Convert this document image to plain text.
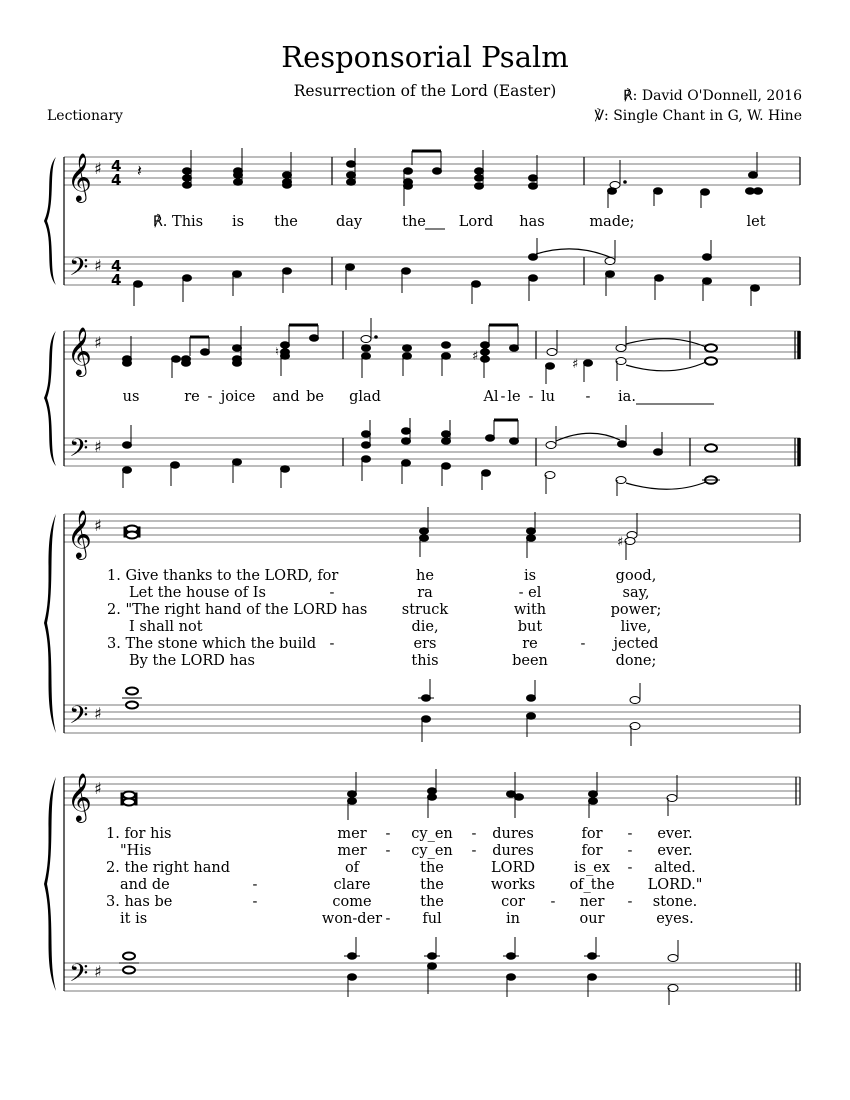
Responsorial Psalm
Resurrection of the Lord (Easter)	℟: David O'Donnell, 2016
℣: Single Chant in G, W. Hine
Lectionary
𝄞
𝄢
♯
♯
4
4
4
4
𝄽
𝄞
𝄢
♯
♯
𝄞
𝄢
♯
♯
𝄞
𝄢
♯
♯
♮	♯
♯
♯
℟. This is the	day	the Lord has	made;	let
us	re - joice and be glad	Al - le - lu - ia.
1. Give thanks to the LORD, for	he	is	good,
Let the house of Is	-	ra	- el	say,
2. "The right hand of the LORD has struck	with	power;
I shall not	die,	but	live,
3. The stone which the build -	ers	re	- jected
By the LORD has	this	been	done;
1. for his	mer - cy_en - dures	for - ever.
"His	mer - cy_en - dures	for - ever.
2. the right hand	of	the	LORD	is_ex - alted.
and de	-	clare	the	works of_the LORD."
3. has be	-	come	the	cor - ner - stone.
it is	won-der - ful	in	our	eyes.
